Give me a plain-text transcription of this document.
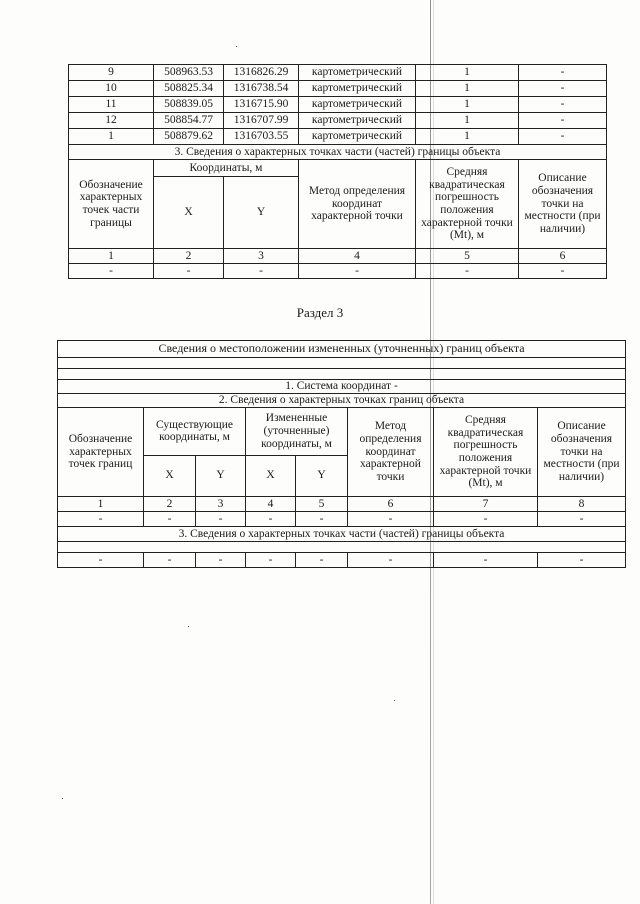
9	508963.53	1316826.29	картометрический	1	-
10	508825.34	1316738.54	картометрический	1	-
11	508839.05	1316715.90	картометрический	1	-
12	508854.77	1316707.99	картометрический	1	-
1	508879.62	1316703.55	картометрический	1	-
3. Сведения о характерных точках части (частей) границы объекта					
Обозначение характерных точек части границы	Координаты, м		Метод определения координат характерной точки	Средняя квадратическая погрешность положения характерной точки (Mt), м	Описание обозначения точки на местности (при наличии)
	X	Y			
1	2	3	4	5	6
-	-	-	-	-	-
Раздел 3
Сведения о местоположении измененных (уточненных) границ объекта							

1. Система координат -							
2. Сведения о характерных точках границ объекта							
Обозначение характерных точек границ	Существующие координаты, м		Измененные (уточненные) координаты, м		Метод определения координат характерной точки	Средняя квадратическая погрешность положения характерной точки (Mt), м	Описание обозначения точки на местности (при наличии)
	X	Y	X	Y			
1	2	3	4	5	6	7	8
-	-	-	-	-	-	-	-
3. Сведения о характерных точках части (частей) границы объекта							

-	-	-	-	-	-	-	-
